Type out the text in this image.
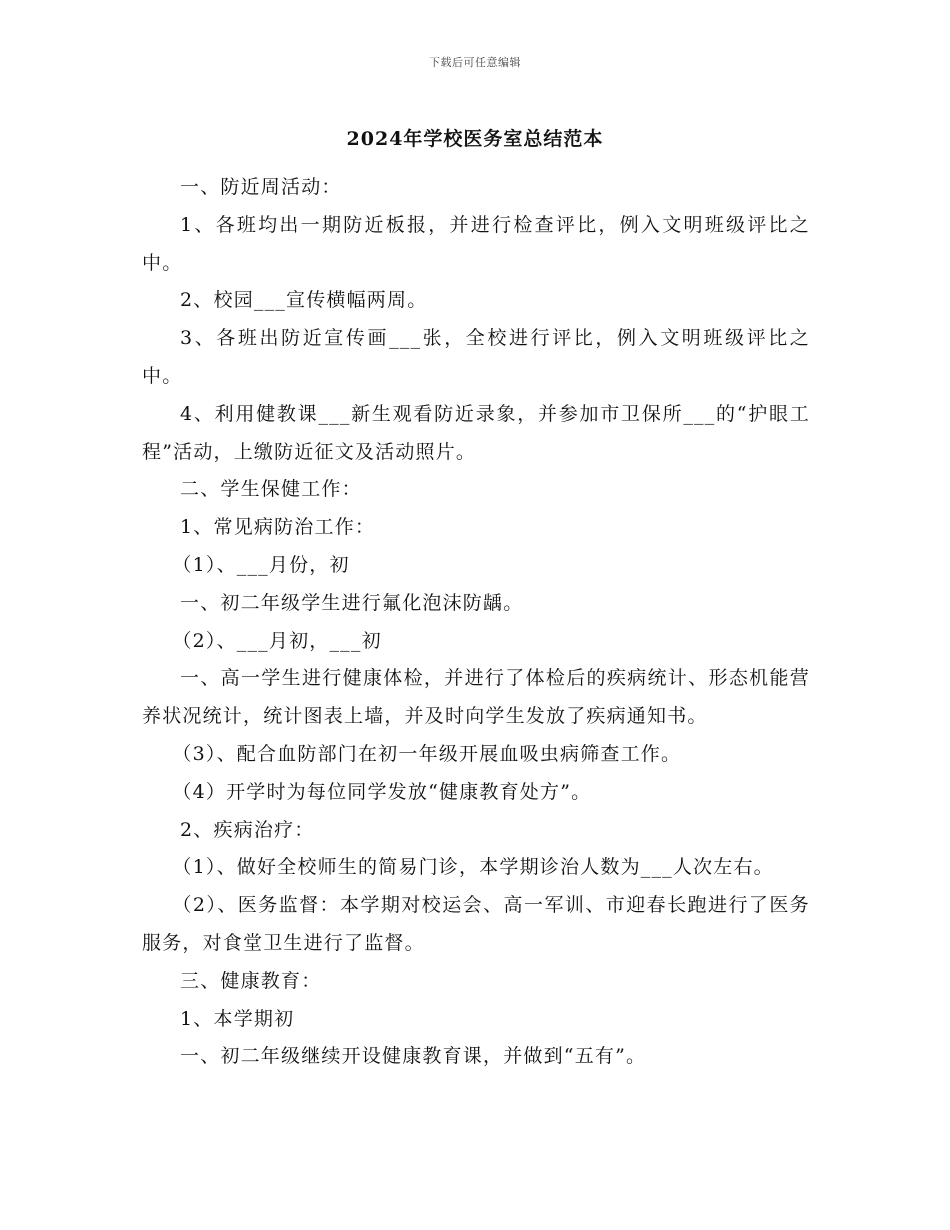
下载后可任意编辑
2024年学校医务室总结范本

一、防近周活动：

1、各班均出一期防近板报，并进行检查评比，例入文明班级评比之中。

2、校园___宣传横幅两周。

3、各班出防近宣传画___张，全校进行评比，例入文明班级评比之中。

4、利用健教课___新生观看防近录象，并参加市卫保所___的“护眼工程”活动，上缴防近征文及活动照片。

二、学生保健工作：

1、常见病防治工作：

（1）、___月份，初

一、初二年级学生进行氟化泡沫防龋。

（2）、___月初，___初

一、高一学生进行健康体检，并进行了体检后的疾病统计、形态机能营养状况统计，统计图表上墙，并及时向学生发放了疾病通知书。

（3）、配合血防部门在初一年级开展血吸虫病筛查工作。

（4）开学时为每位同学发放“健康教育处方”。

2、疾病治疗：

（1）、做好全校师生的简易门诊，本学期诊治人数为___人次左右。

（2）、医务监督：本学期对校运会、高一军训、市迎春长跑进行了医务服务，对食堂卫生进行了监督。

三、健康教育：

1、本学期初

一、初二年级继续开设健康教育课，并做到“五有”。
